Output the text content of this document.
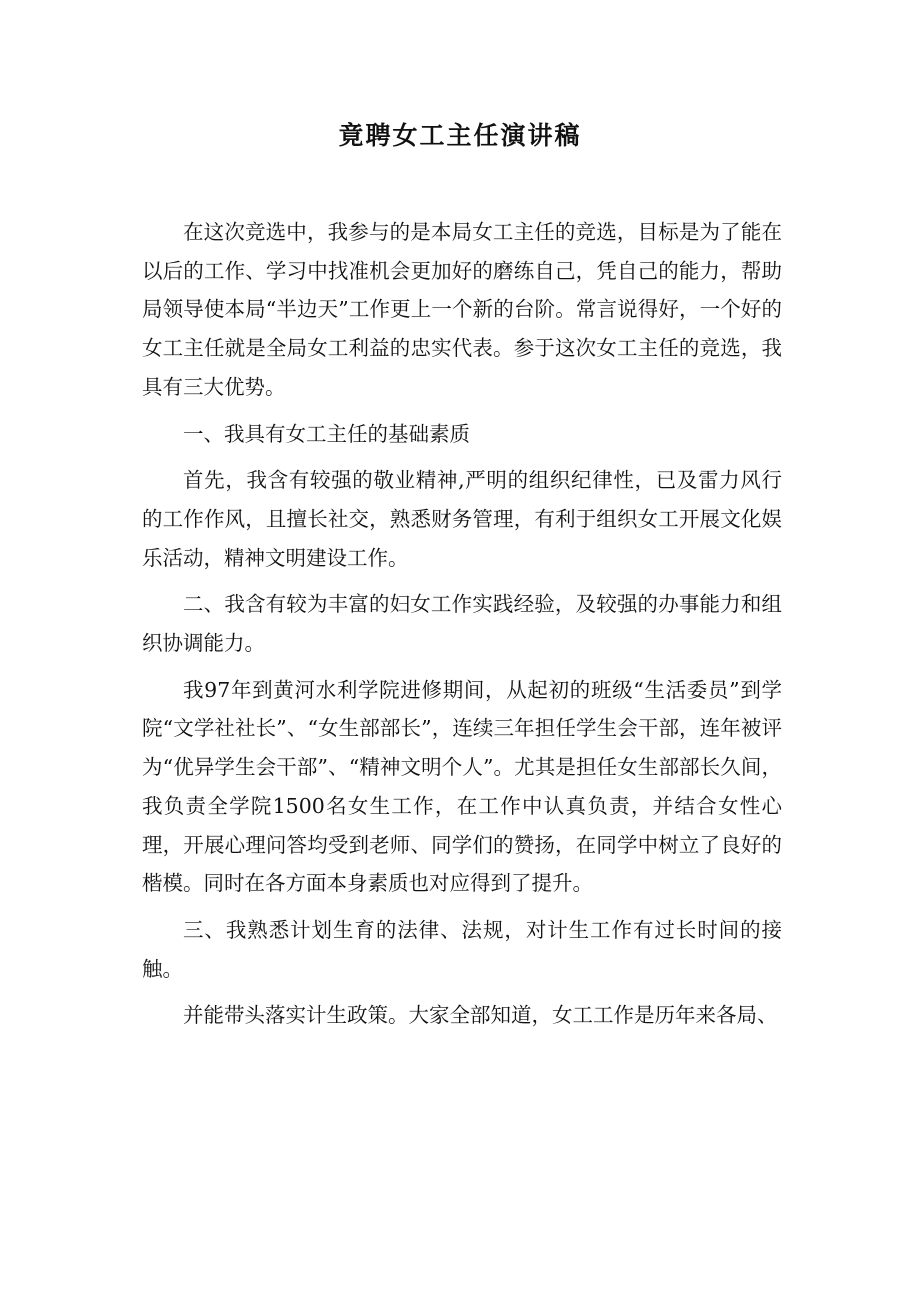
竟聘女工主任演讲稿

在这次竞选中，我参与的是本局女工主任的竞选，目标是为了能在以后的工作、学习中找准机会更加好的磨练自己，凭自己的能力，帮助局领导使本局“半边天”工作更上一个新的台阶。常言说得好，一个好的女工主任就是全局女工利益的忠实代表。参于这次女工主任的竞选，我具有三大优势。

一、我具有女工主任的基础素质

首先，我含有较强的敬业精神,严明的组织纪律性，已及雷力风行的工作作风，且擅长社交，熟悉财务管理，有利于组织女工开展文化娱乐活动，精神文明建设工作。

二、我含有较为丰富的妇女工作实践经验，及较强的办事能力和组织协调能力。

我97年到黄河水利学院进修期间，从起初的班级“生活委员”到学院“文学社社长”、“女生部部长”，连续三年担任学生会干部，连年被评为“优异学生会干部”、“精神文明个人”。尤其是担任女生部部长久间，我负责全学院1500名女生工作，在工作中认真负责，并结合女性心理，开展心理问答均受到老师、同学们的赞扬，在同学中树立了良好的楷模。同时在各方面本身素质也对应得到了提升。

三、我熟悉计划生育的法律、法规，对计生工作有过长时间的接触。

并能带头落实计生政策。大家全部知道，女工工作是历年来各局、
